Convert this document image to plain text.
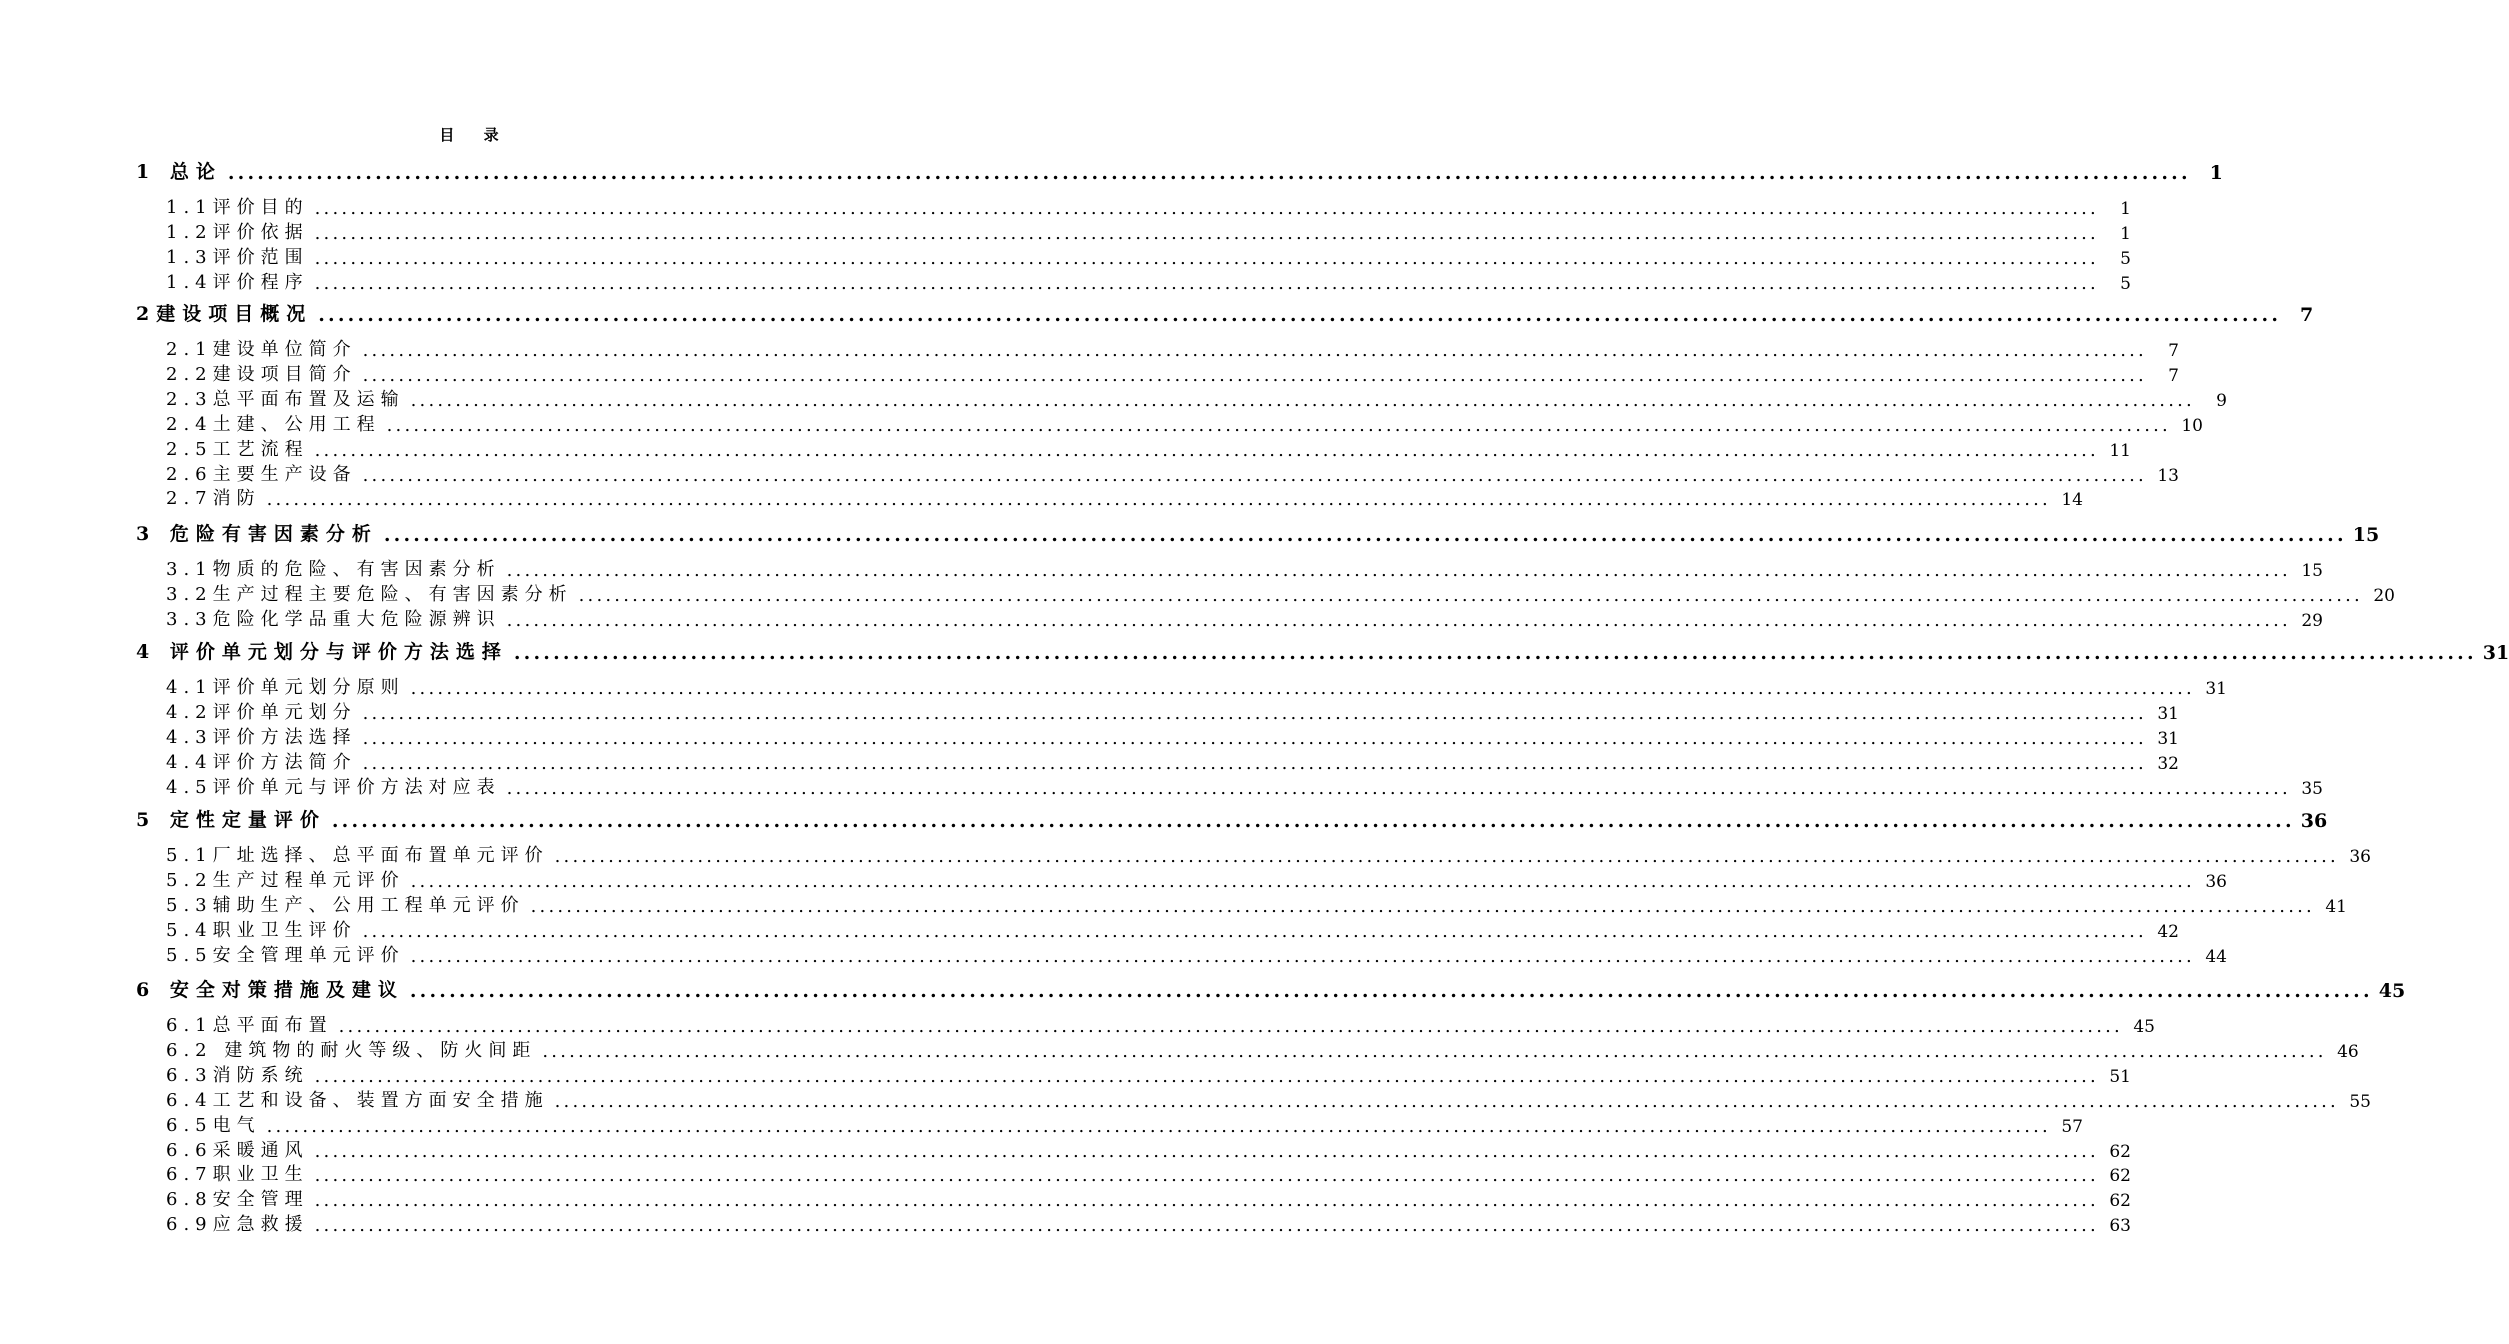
目 录
1 总论 ........................................................................................................................................................................................................ 1
1.1评价目的 ........................................................................................................................................................................................................	1
1.2评价依据 ........................................................................................................................................................................................................	1
1.3评价范围 ........................................................................................................................................................................................................	5
1.4评价程序 ........................................................................................................................................................................................................	5
2建设项目概况 ........................................................................................................................................................................................................ 7
2.1建设单位简介 ........................................................................................................................................................................................................	7
2.2建设项目简介 ........................................................................................................................................................................................................	7
2.3总平面布置及运输 ........................................................................................................................................................................................................	9
2.4土建、公用工程 ........................................................................................................................................................................................................ 10
2.5工艺流程 ........................................................................................................................................................................................................ 11
2.6主要生产设备 ........................................................................................................................................................................................................ 13
2.7消防 ........................................................................................................................................................................................................ 14
3 危险有害因素分析 ........................................................................................................................................................................................................ 15
3.1物质的危险、有害因素分析 ........................................................................................................................................................................................................ 15
3.2生产过程主要危险、有害因素分析 ........................................................................................................................................................................................................ 20
3.3危险化学品重大危险源辨识 ........................................................................................................................................................................................................ 29
4 评价单元划分与评价方法选择 ........................................................................................................................................................................................................ 31
4.1评价单元划分原则 ........................................................................................................................................................................................................ 31
4.2评价单元划分 ........................................................................................................................................................................................................ 31
4.3评价方法选择 ........................................................................................................................................................................................................ 31
4.4评价方法简介 ........................................................................................................................................................................................................ 32
4.5评价单元与评价方法对应表 ........................................................................................................................................................................................................ 35
5 定性定量评价 ........................................................................................................................................................................................................ 36
5.1厂址选择、总平面布置单元评价 ........................................................................................................................................................................................................ 36
5.2生产过程单元评价 ........................................................................................................................................................................................................ 36
5.3辅助生产、公用工程单元评价 ........................................................................................................................................................................................................ 41
5.4职业卫生评价 ........................................................................................................................................................................................................ 42
5.5安全管理单元评价 ........................................................................................................................................................................................................ 44
6 安全对策措施及建议 ........................................................................................................................................................................................................ 45
6.1总平面布置 ........................................................................................................................................................................................................ 45
6.2 建筑物的耐火等级、防火间距 ........................................................................................................................................................................................................ 46
6.3消防系统 ........................................................................................................................................................................................................ 51
6.4工艺和设备、装置方面安全措施 ........................................................................................................................................................................................................ 55
6.5电气 ........................................................................................................................................................................................................ 57
6.6采暖通风 ........................................................................................................................................................................................................ 62
6.7职业卫生 ........................................................................................................................................................................................................ 62
6.8安全管理 ........................................................................................................................................................................................................ 62
6.9应急救援 ........................................................................................................................................................................................................ 63
